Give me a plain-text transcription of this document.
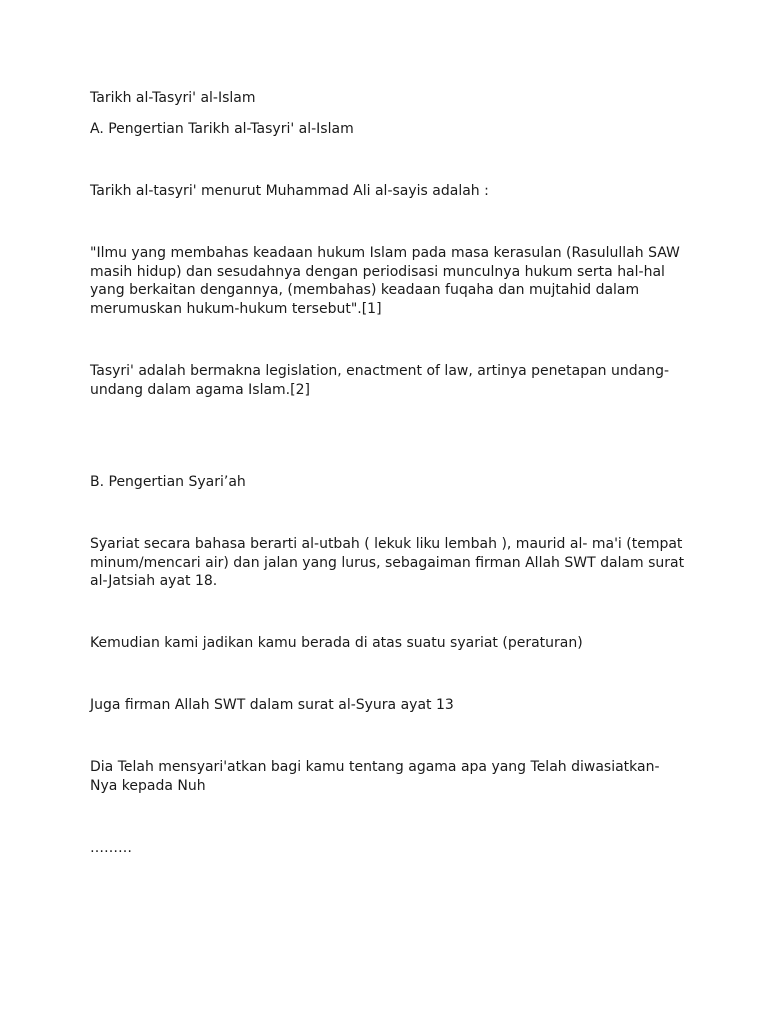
Tarikh al-Tasyri' al-Islam

A. Pengertian Tarikh al-Tasyri' al-Islam

Tarikh al-tasyri' menurut Muhammad Ali al-sayis adalah :

"Ilmu yang membahas keadaan hukum Islam pada masa kerasulan (Rasulullah SAW
masih hidup) dan sesudahnya dengan periodisasi munculnya hukum serta hal-hal
yang berkaitan dengannya, (membahas) keadaan fuqaha dan mujtahid dalam
merumuskan hukum-hukum tersebut".[1]

Tasyri' adalah bermakna legislation, enactment of law, artinya penetapan undang-
undang dalam agama Islam.[2]

B. Pengertian Syari’ah

Syariat secara bahasa berarti al-utbah ( lekuk liku lembah ), maurid al- ma'i (tempat
minum/mencari air) dan jalan yang lurus, sebagaiman firman Allah SWT dalam surat
al-Jatsiah ayat 18.

Kemudian kami jadikan kamu berada di atas suatu syariat (peraturan)

Juga firman Allah SWT dalam surat al-Syura ayat 13

Dia Telah mensyari'atkan bagi kamu tentang agama apa yang Telah diwasiatkan-
Nya kepada Nuh

………
